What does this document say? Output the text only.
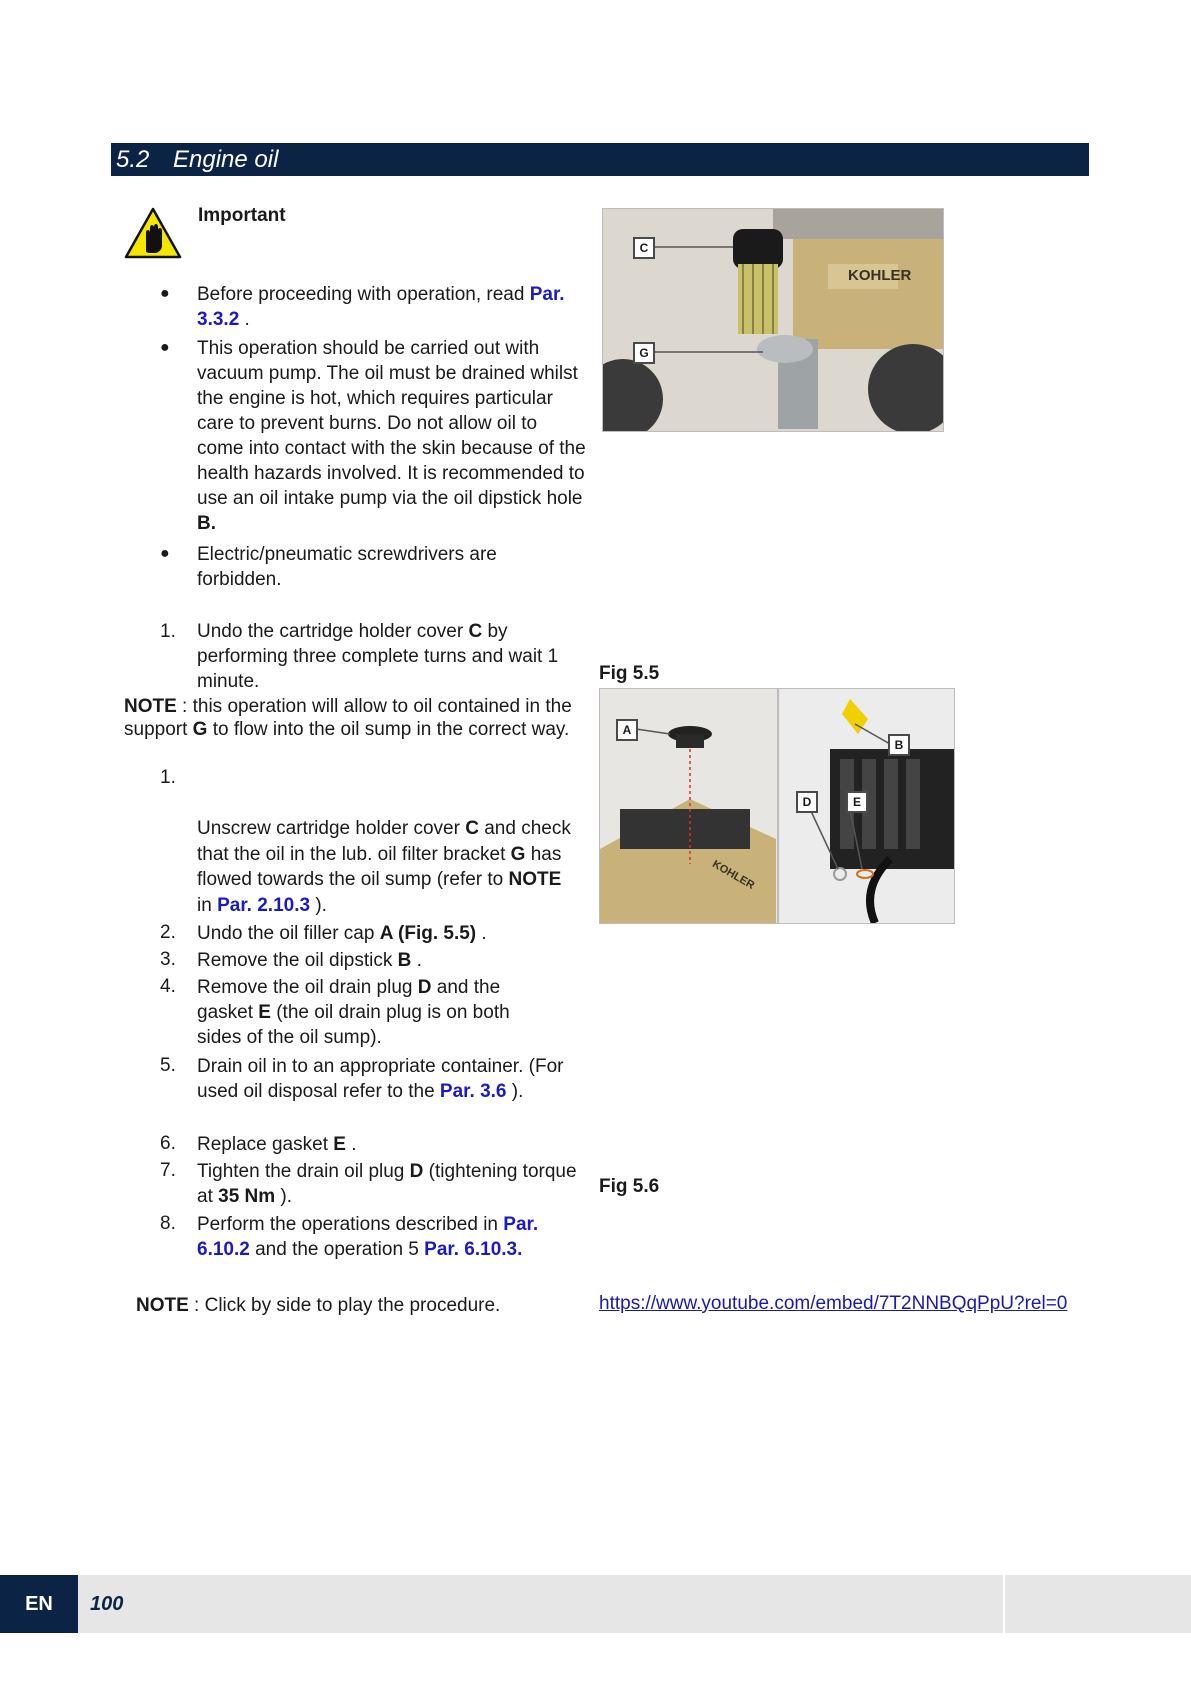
5.2 Engine oil
Important
● Before proceeding with operation, read Par. 3.3.2 .
● This operation should be carried out with vacuum pump. The oil must be drained whilst the engine is hot, which requires particular care to prevent burns. Do not allow oil to come into contact with the skin because of the health hazards involved. It is recommended to use an oil intake pump via the oil dipstick hole B.
● Electric/pneumatic screwdrivers are forbidden.
1. Undo the cartridge holder cover C by performing three complete turns and wait 1 minute.
NOTE : this operation will allow to oil contained in the support G to flow into the oil sump in the correct way.
1.
Unscrew cartridge holder cover C and check that the oil in the lub. oil filter bracket G has flowed towards the oil sump (refer to NOTE in Par. 2.10.3 ).
2. Undo the oil filler cap A (Fig. 5.5) .
3. Remove the oil dipstick B .
4. Remove the oil drain plug D and the gasket E (the oil drain plug is on both sides of the oil sump).
5. Drain oil in to an appropriate container. (For used oil disposal refer to the Par. 3.6 ).
6. Replace gasket E .
7. Tighten the drain oil plug D (tightening torque at 35 Nm ).
8. Perform the operations described in Par. 6.10.2 and the operation 5 Par. 6.10.3.
NOTE : Click by side to play the procedure.
C
G
KOHLER
Fig 5.5
A
B
D	E
KOHLER
Fig 5.6
https://www.youtube.com/embed/7T2NNBQqPpU?rel=0
EN	100
